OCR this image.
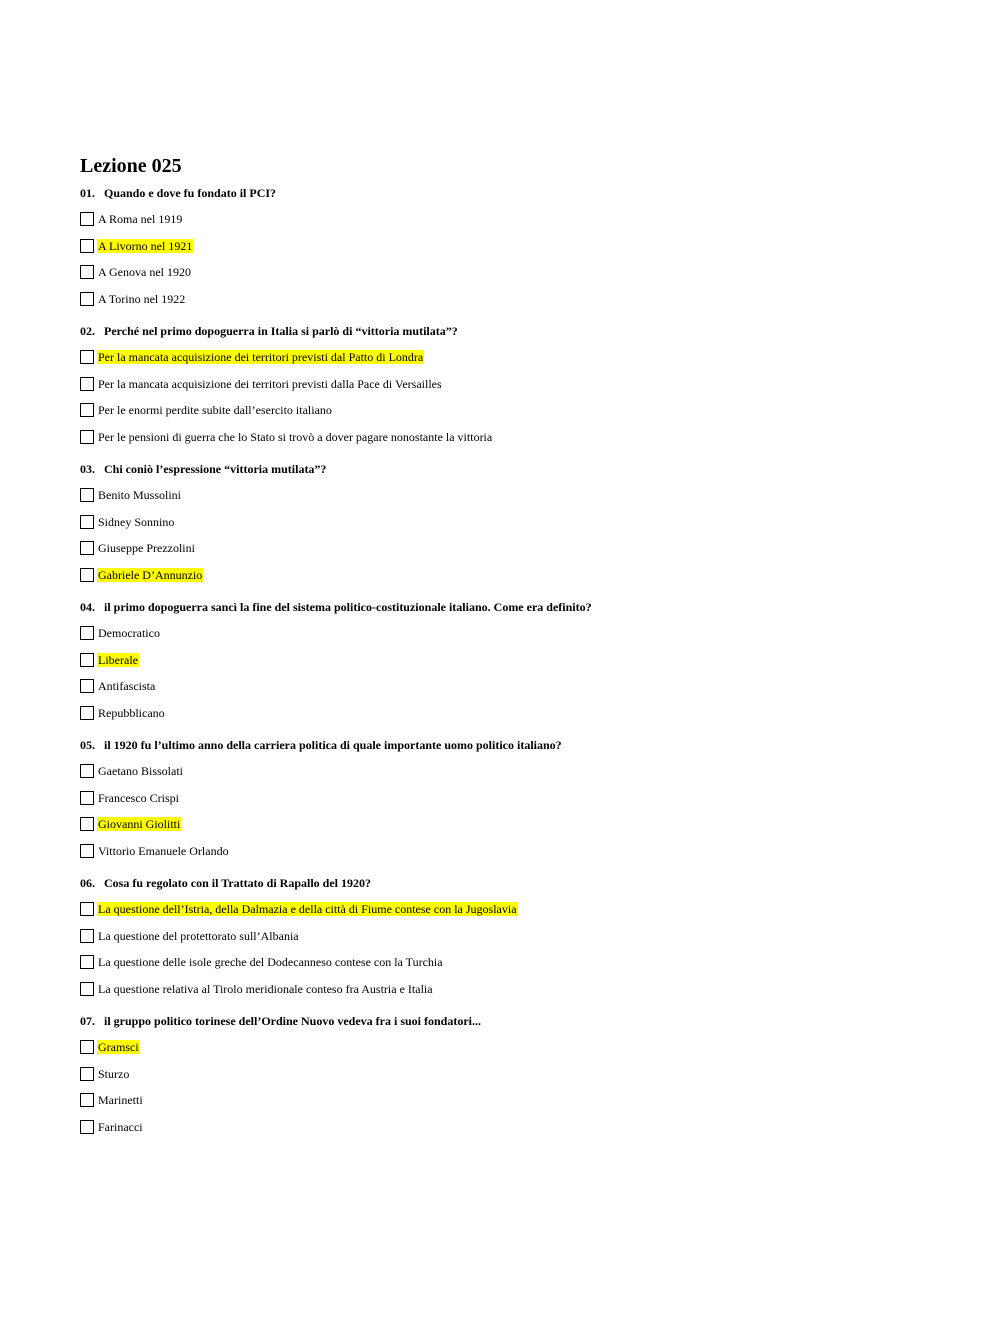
Lezione 025
01. Quando e dove fu fondato il PCI?
A Roma nel 1919
A Livorno nel 1921
A Genova nel 1920
A Torino nel 1922
02. Perché nel primo dopoguerra in Italia si parlò di “vittoria mutilata”?
Per la mancata acquisizione dei territori previsti dal Patto di Londra
Per la mancata acquisizione dei territori previsti dalla Pace di Versailles
Per le enormi perdite subite dall’esercito italiano
Per le pensioni di guerra che lo Stato si trovò a dover pagare nonostante la vittoria
03. Chi coniò l’espressione “vittoria mutilata”?
Benito Mussolini
Sidney Sonnino
Giuseppe Prezzolini
Gabriele D’Annunzio
04. il primo dopoguerra sancì la fine del sistema politico-costituzionale italiano. Come era definito?
Democratico
Liberale
Antifascista
Repubblicano
05. il 1920 fu l’ultimo anno della carriera politica di quale importante uomo politico italiano?
Gaetano Bissolati
Francesco Crispi
Giovanni Giolitti
Vittorio Emanuele Orlando
06. Cosa fu regolato con il Trattato di Rapallo del 1920?
La questione dell’Istria, della Dalmazia e della città di Fiume contese con la Jugoslavia
La questione del protettorato sull’Albania
La questione delle isole greche del Dodecanneso contese con la Turchia
La questione relativa al Tirolo meridionale conteso fra Austria e Italia
07. il gruppo politico torinese dell’Ordine Nuovo vedeva fra i suoi fondatori...
Gramsci
Sturzo
Marinetti
Farinacci
